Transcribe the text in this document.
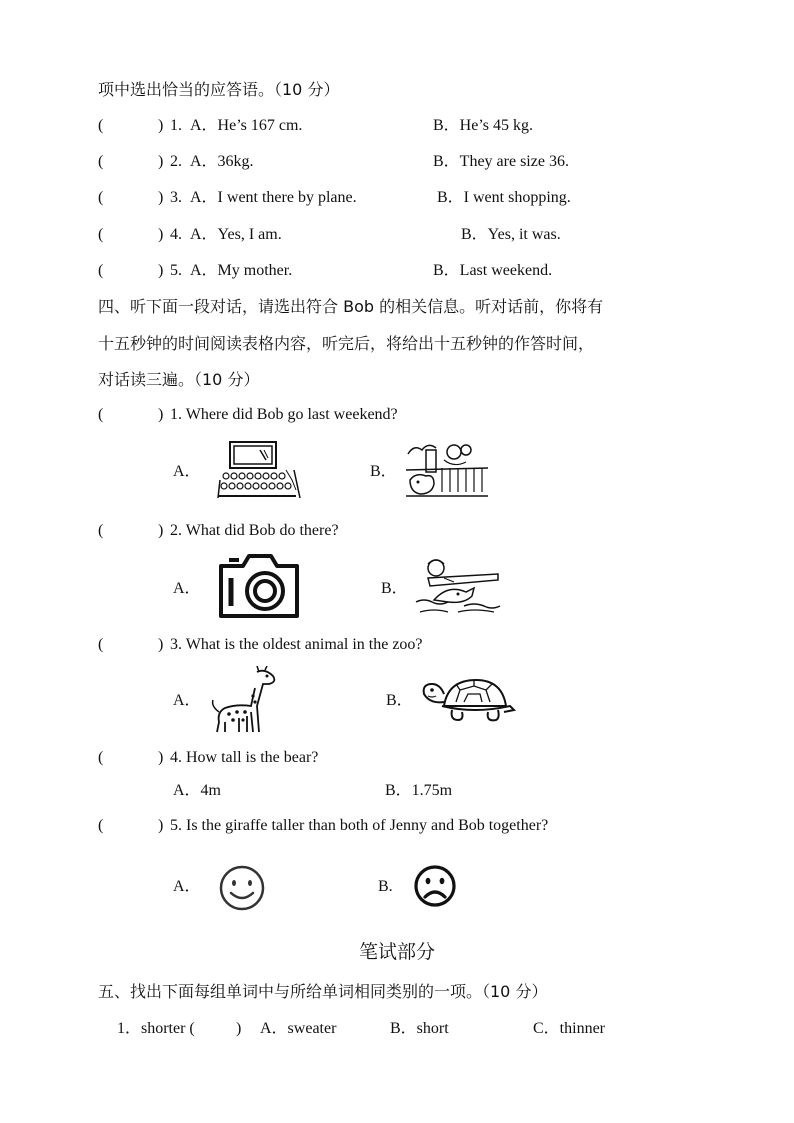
项中选出恰当的应答语。（10 分）
(	) 1. A．He’s 167 cm.	B．He’s 45 kg.
(	) 2. A．36kg.	B．They are size 36.
(	) 3. A．I went there by plane.	B．I went shopping.
(	) 4. A．Yes, I am.	B．Yes, it was.
(	) 5. A．My mother.	B．Last weekend.
四、听下面一段对话，请选出符合 Bob 的相关信息。听对话前，你将有
十五秒钟的时间阅读表格内容，听完后，将给出十五秒钟的作答时间，
对话读三遍。（10 分）
(	) 1. Where did Bob go last weekend?
A．	B．
(	) 2. What did Bob do there?
A．	B．
(	) 3. What is the oldest animal in the zoo?
A．	B．
(	) 4. How tall is the bear?
A．4m	B．1.75m
(	) 5. Is the giraffe taller than both of Jenny and Bob together?
A．	B.
笔试部分
五、找出下面每组单词中与所给单词相同类别的一项。（10 分）
1．shorter (	) A．sweater	B．short	C．thinner
